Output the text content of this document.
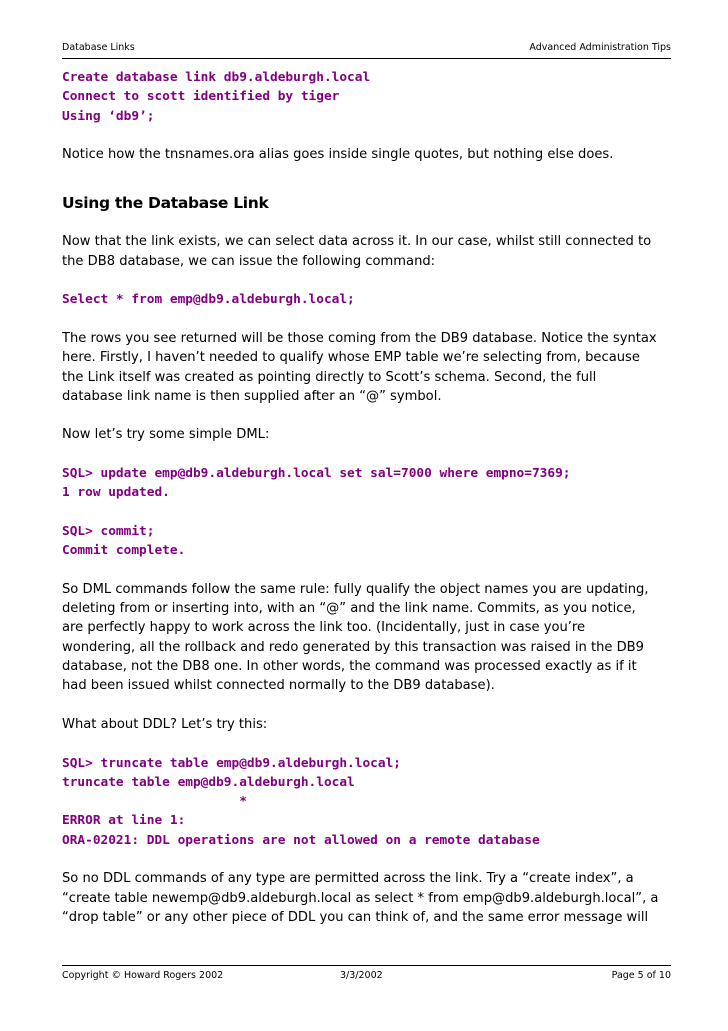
Database Links	Advanced Administration Tips
Create database link db9.aldeburgh.local
Connect to scott identified by tiger
Using ‘db9’;
Notice how the tnsnames.ora alias goes inside single quotes, but nothing else does.
Using the Database Link
Now that the link exists, we can select data across it. In our case, whilst still connected to
the DB8 database, we can issue the following command:
Select * from emp@db9.aldeburgh.local;
The rows you see returned will be those coming from the DB9 database. Notice the syntax
here. Firstly, I haven’t needed to qualify whose EMP table we’re selecting from, because
the Link itself was created as pointing directly to Scott’s schema. Second, the full
database link name is then supplied after an “@” symbol.
Now let’s try some simple DML:
SQL> update emp@db9.aldeburgh.local set sal=7000 where empno=7369;
1 row updated.
SQL> commit;
Commit complete.
So DML commands follow the same rule: fully qualify the object names you are updating,
deleting from or inserting into, with an “@” and the link name. Commits, as you notice,
are perfectly happy to work across the link too. (Incidentally, just in case you’re
wondering, all the rollback and redo generated by this transaction was raised in the DB9
database, not the DB8 one. In other words, the command was processed exactly as if it
had been issued whilst connected normally to the DB9 database).
What about DDL? Let’s try this:
SQL> truncate table emp@db9.aldeburgh.local;
truncate table emp@db9.aldeburgh.local
*
ERROR at line 1:
ORA-02021: DDL operations are not allowed on a remote database
So no DDL commands of any type are permitted across the link. Try a “create index”, a
“create table newemp@db9.aldeburgh.local as select * from emp@db9.aldeburgh.local”, a
“drop table” or any other piece of DDL you can think of, and the same error message will
Copyright © Howard Rogers 2002	3/3/2002	Page 5 of 10
